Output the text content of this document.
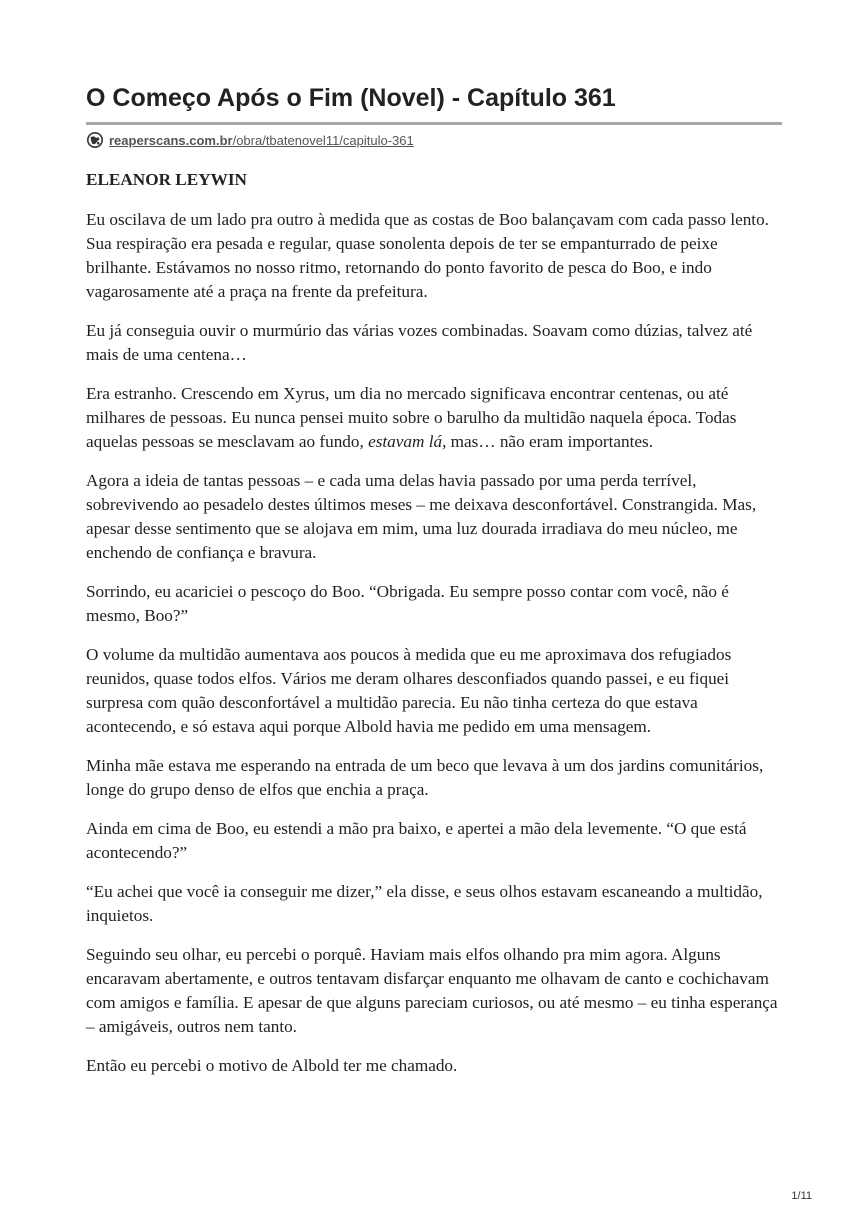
O Começo Após o Fim (Novel) - Capítulo 361
reaperscans.com.br/obra/tbatenovel11/capitulo-361

ELEANOR LEYWIN

Eu oscilava de um lado pra outro à medida que as costas de Boo balançavam com cada passo lento. Sua respiração era pesada e regular, quase sonolenta depois de ter se empanturrado de peixe brilhante. Estávamos no nosso ritmo, retornando do ponto favorito de pesca do Boo, e indo vagarosamente até a praça na frente da prefeitura.

Eu já conseguia ouvir o murmúrio das várias vozes combinadas. Soavam como dúzias, talvez até mais de uma centena…

Era estranho. Crescendo em Xyrus, um dia no mercado significava encontrar centenas, ou até milhares de pessoas. Eu nunca pensei muito sobre o barulho da multidão naquela época. Todas aquelas pessoas se mesclavam ao fundo, estavam lá, mas… não eram importantes.

Agora a ideia de tantas pessoas – e cada uma delas havia passado por uma perda terrível, sobrevivendo ao pesadelo destes últimos meses – me deixava desconfortável. Constrangida. Mas, apesar desse sentimento que se alojava em mim, uma luz dourada irradiava do meu núcleo, me enchendo de confiança e bravura.

Sorrindo, eu acariciei o pescoço do Boo. “Obrigada. Eu sempre posso contar com você, não é mesmo, Boo?”

O volume da multidão aumentava aos poucos à medida que eu me aproximava dos refugiados reunidos, quase todos elfos. Vários me deram olhares desconfiados quando passei, e eu fiquei surpresa com quão desconfortável a multidão parecia. Eu não tinha certeza do que estava acontecendo, e só estava aqui porque Albold havia me pedido em uma mensagem.

Minha mãe estava me esperando na entrada de um beco que levava à um dos jardins comunitários, longe do grupo denso de elfos que enchia a praça.

Ainda em cima de Boo, eu estendi a mão pra baixo, e apertei a mão dela levemente. “O que está acontecendo?”

“Eu achei que você ia conseguir me dizer,” ela disse, e seus olhos estavam escaneando a multidão, inquietos.

Seguindo seu olhar, eu percebi o porquê. Haviam mais elfos olhando pra mim agora. Alguns encaravam abertamente, e outros tentavam disfarçar enquanto me olhavam de canto e cochichavam com amigos e família. E apesar de que alguns pareciam curiosos, ou até mesmo – eu tinha esperança – amigáveis, outros nem tanto.

Então eu percebi o motivo de Albold ter me chamado.

1/11
